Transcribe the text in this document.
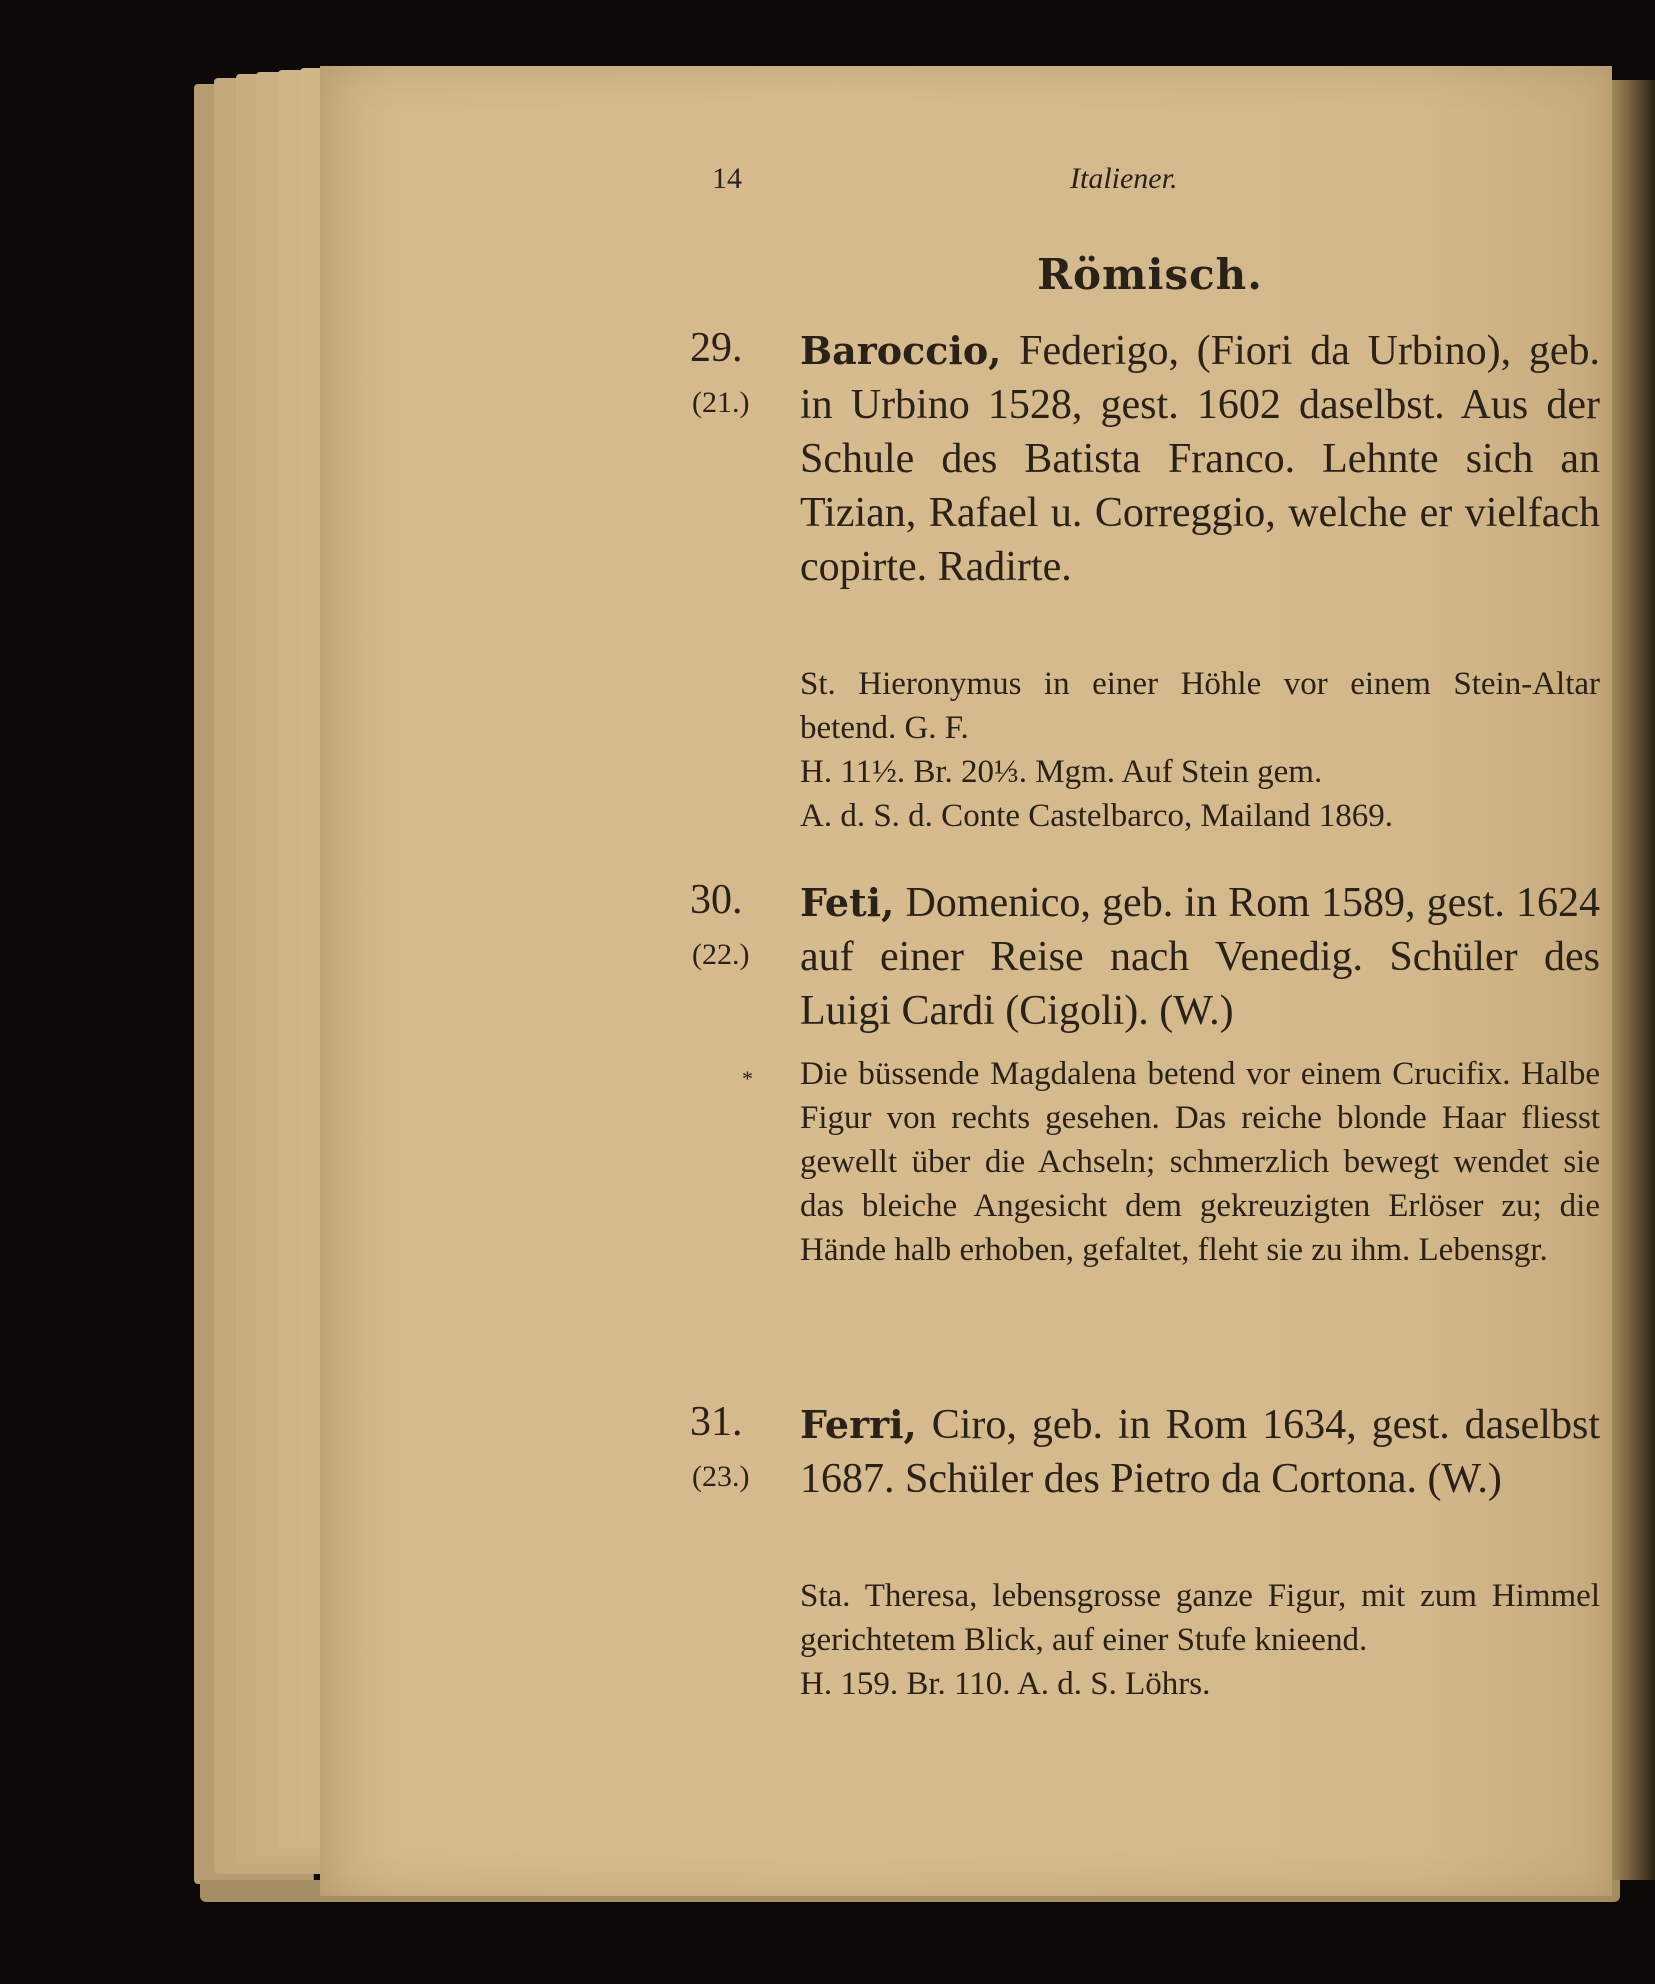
14	Italiener.
Römisch.
29.
(21.)
Baroccio, Federigo, (Fiori da Urbino), geb. in Urbino 1528, gest. 1602 daselbst. Aus der Schule des Batista Franco. Lehnte sich an Tizian, Rafael u. Correggio, welche er vielfach copirte. Radirte.
St. Hieronymus in einer Höhle vor einem Stein-Altar betend. G. F.
H. 11½. Br. 20⅓. Mgm. Auf Stein gem.
A. d. S. d. Conte Castelbarco, Mailand 1869.
30.
(22.)
*
Feti, Domenico, geb. in Rom 1589, gest. 1624 auf einer Reise nach Venedig. Schüler des Luigi Cardi (Cigoli). (W.)
Die büssende Magdalena betend vor einem Crucifix. Halbe Figur von rechts gesehen. Das reiche blonde Haar fliesst gewellt über die Achseln; schmerzlich bewegt wendet sie das bleiche Angesicht dem gekreuzigten Erlöser zu; die Hände halb erhoben, gefaltet, fleht sie zu ihm. Lebensgr.
31.
(23.)
Ferri, Ciro, geb. in Rom 1634, gest. daselbst 1687. Schüler des Pietro da Cortona. (W.)
Sta. Theresa, lebensgrosse ganze Figur, mit zum Himmel gerichtetem Blick, auf einer Stufe knieend.
H. 159. Br. 110. A. d. S. Löhrs.
